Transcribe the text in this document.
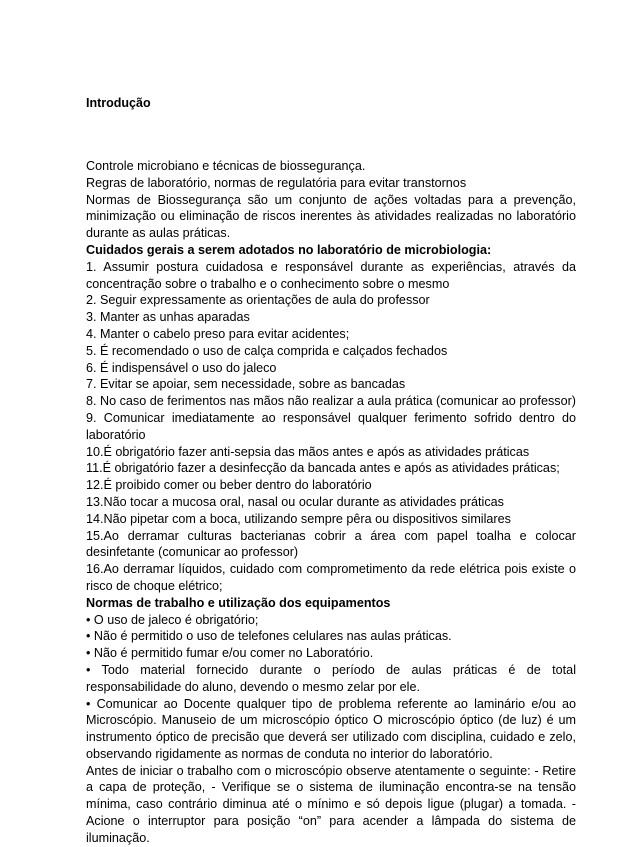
Introdução

Controle microbiano e técnicas de biossegurança.

Regras de laboratório, normas de regulatória para evitar transtornos

Normas de Biossegurança são um conjunto de ações voltadas para a prevenção, minimização ou eliminação de riscos inerentes às atividades realizadas no laboratório durante as aulas práticas.

Cuidados gerais a serem adotados no laboratório de microbiologia:

1. Assumir postura cuidadosa e responsável durante as experiências, através da concentração sobre o trabalho e o conhecimento sobre o mesmo

2. Seguir expressamente as orientações de aula do professor

3. Manter as unhas aparadas

4. Manter o cabelo preso para evitar acidentes;

5. É recomendado o uso de calça comprida e calçados fechados

6. É indispensável o uso do jaleco

7. Evitar se apoiar, sem necessidade, sobre as bancadas

8. No caso de ferimentos nas mãos não realizar a aula prática (comunicar ao professor)

9. Comunicar imediatamente ao responsável qualquer ferimento sofrido dentro do laboratório

10.É obrigatório fazer anti-sepsia das mãos antes e após as atividades práticas

11.É obrigatório fazer a desinfecção da bancada antes e após as atividades práticas;

12.É proibido comer ou beber dentro do laboratório

13.Não tocar a mucosa oral, nasal ou ocular durante as atividades práticas

14.Não pipetar com a boca, utilizando sempre pêra ou dispositivos similares

15.Ao derramar culturas bacterianas cobrir a área com papel toalha e colocar desinfetante (comunicar ao professor)

16.Ao derramar líquidos, cuidado com comprometimento da rede elétrica pois existe o risco de choque elétrico;

Normas de trabalho e utilização dos equipamentos

• O uso de jaleco é obrigatório;

• Não é permitido o uso de telefones celulares nas aulas práticas.

• Não é permitido fumar e/ou comer no Laboratório.

• Todo material fornecido durante o período de aulas práticas é de total responsabilidade do aluno, devendo o mesmo zelar por ele.

• Comunicar ao Docente qualquer tipo de problema referente ao laminário e/ou ao Microscópio. Manuseio de um microscópio óptico O microscópio óptico (de luz) é um instrumento óptico de precisão que deverá ser utilizado com disciplina, cuidado e zelo, observando rigidamente as normas de conduta no interior do laboratório.

Antes de iniciar o trabalho com o microscópio observe atentamente o seguinte: - Retire a capa de proteção, - Verifique se o sistema de iluminação encontra-se na tensão mínima, caso contrário diminua até o mínimo e só depois ligue (plugar) a tomada. - Acione o interruptor para posição “on” para acender a lâmpada do sistema de iluminação.
